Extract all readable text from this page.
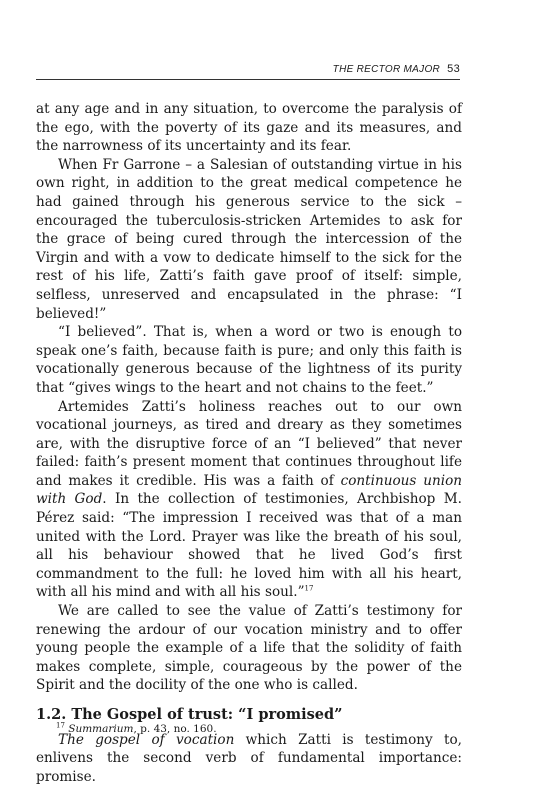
THE RECTOR MAJOR 53

at any age and in any situation, to overcome the paralysis of the ego, with the poverty of its gaze and its measures, and the narrowness of its uncertainty and its fear.

When Fr Garrone – a Salesian of outstanding virtue in his own right, in addition to the great medical competence he had gained through his generous service to the sick – encouraged the tuberculosis-stricken Artemides to ask for the grace of being cured through the intercession of the Virgin and with a vow to dedicate himself to the sick for the rest of his life, Zatti’s faith gave proof of itself: simple, selfless, unreserved and encapsulated in the phrase: “I believed!”

“I believed”. That is, when a word or two is enough to speak one’s faith, because faith is pure; and only this faith is vocationally generous because of the lightness of its purity that “gives wings to the heart and not chains to the feet.”

Artemides Zatti’s holiness reaches out to our own vocational journeys, as tired and dreary as they sometimes are, with the disruptive force of an “I believed” that never failed: faith’s present moment that continues throughout life and makes it credible. His was a faith of continuous union with God. In the collection of testimonies, Archbishop M. Pérez said: “The impression I received was that of a man united with the Lord. Prayer was like the breath of his soul, all his behaviour showed that he lived God’s first commandment to the full: he loved him with all his heart, with all his mind and with all his soul.”$^{17}$

We are called to see the value of Zatti’s testimony for renewing the ardour of our vocation ministry and to offer young people the example of a life that the solidity of faith makes complete, simple, courageous by the power of the Spirit and the docility of the one who is called.

1.2. The Gospel of trust: “I promised”

The gospel of vocation which Zatti is testimony to, enlivens the second verb of fundamental importance: promise.

$^{17}$ Summarium, p. 43, no. 160.
